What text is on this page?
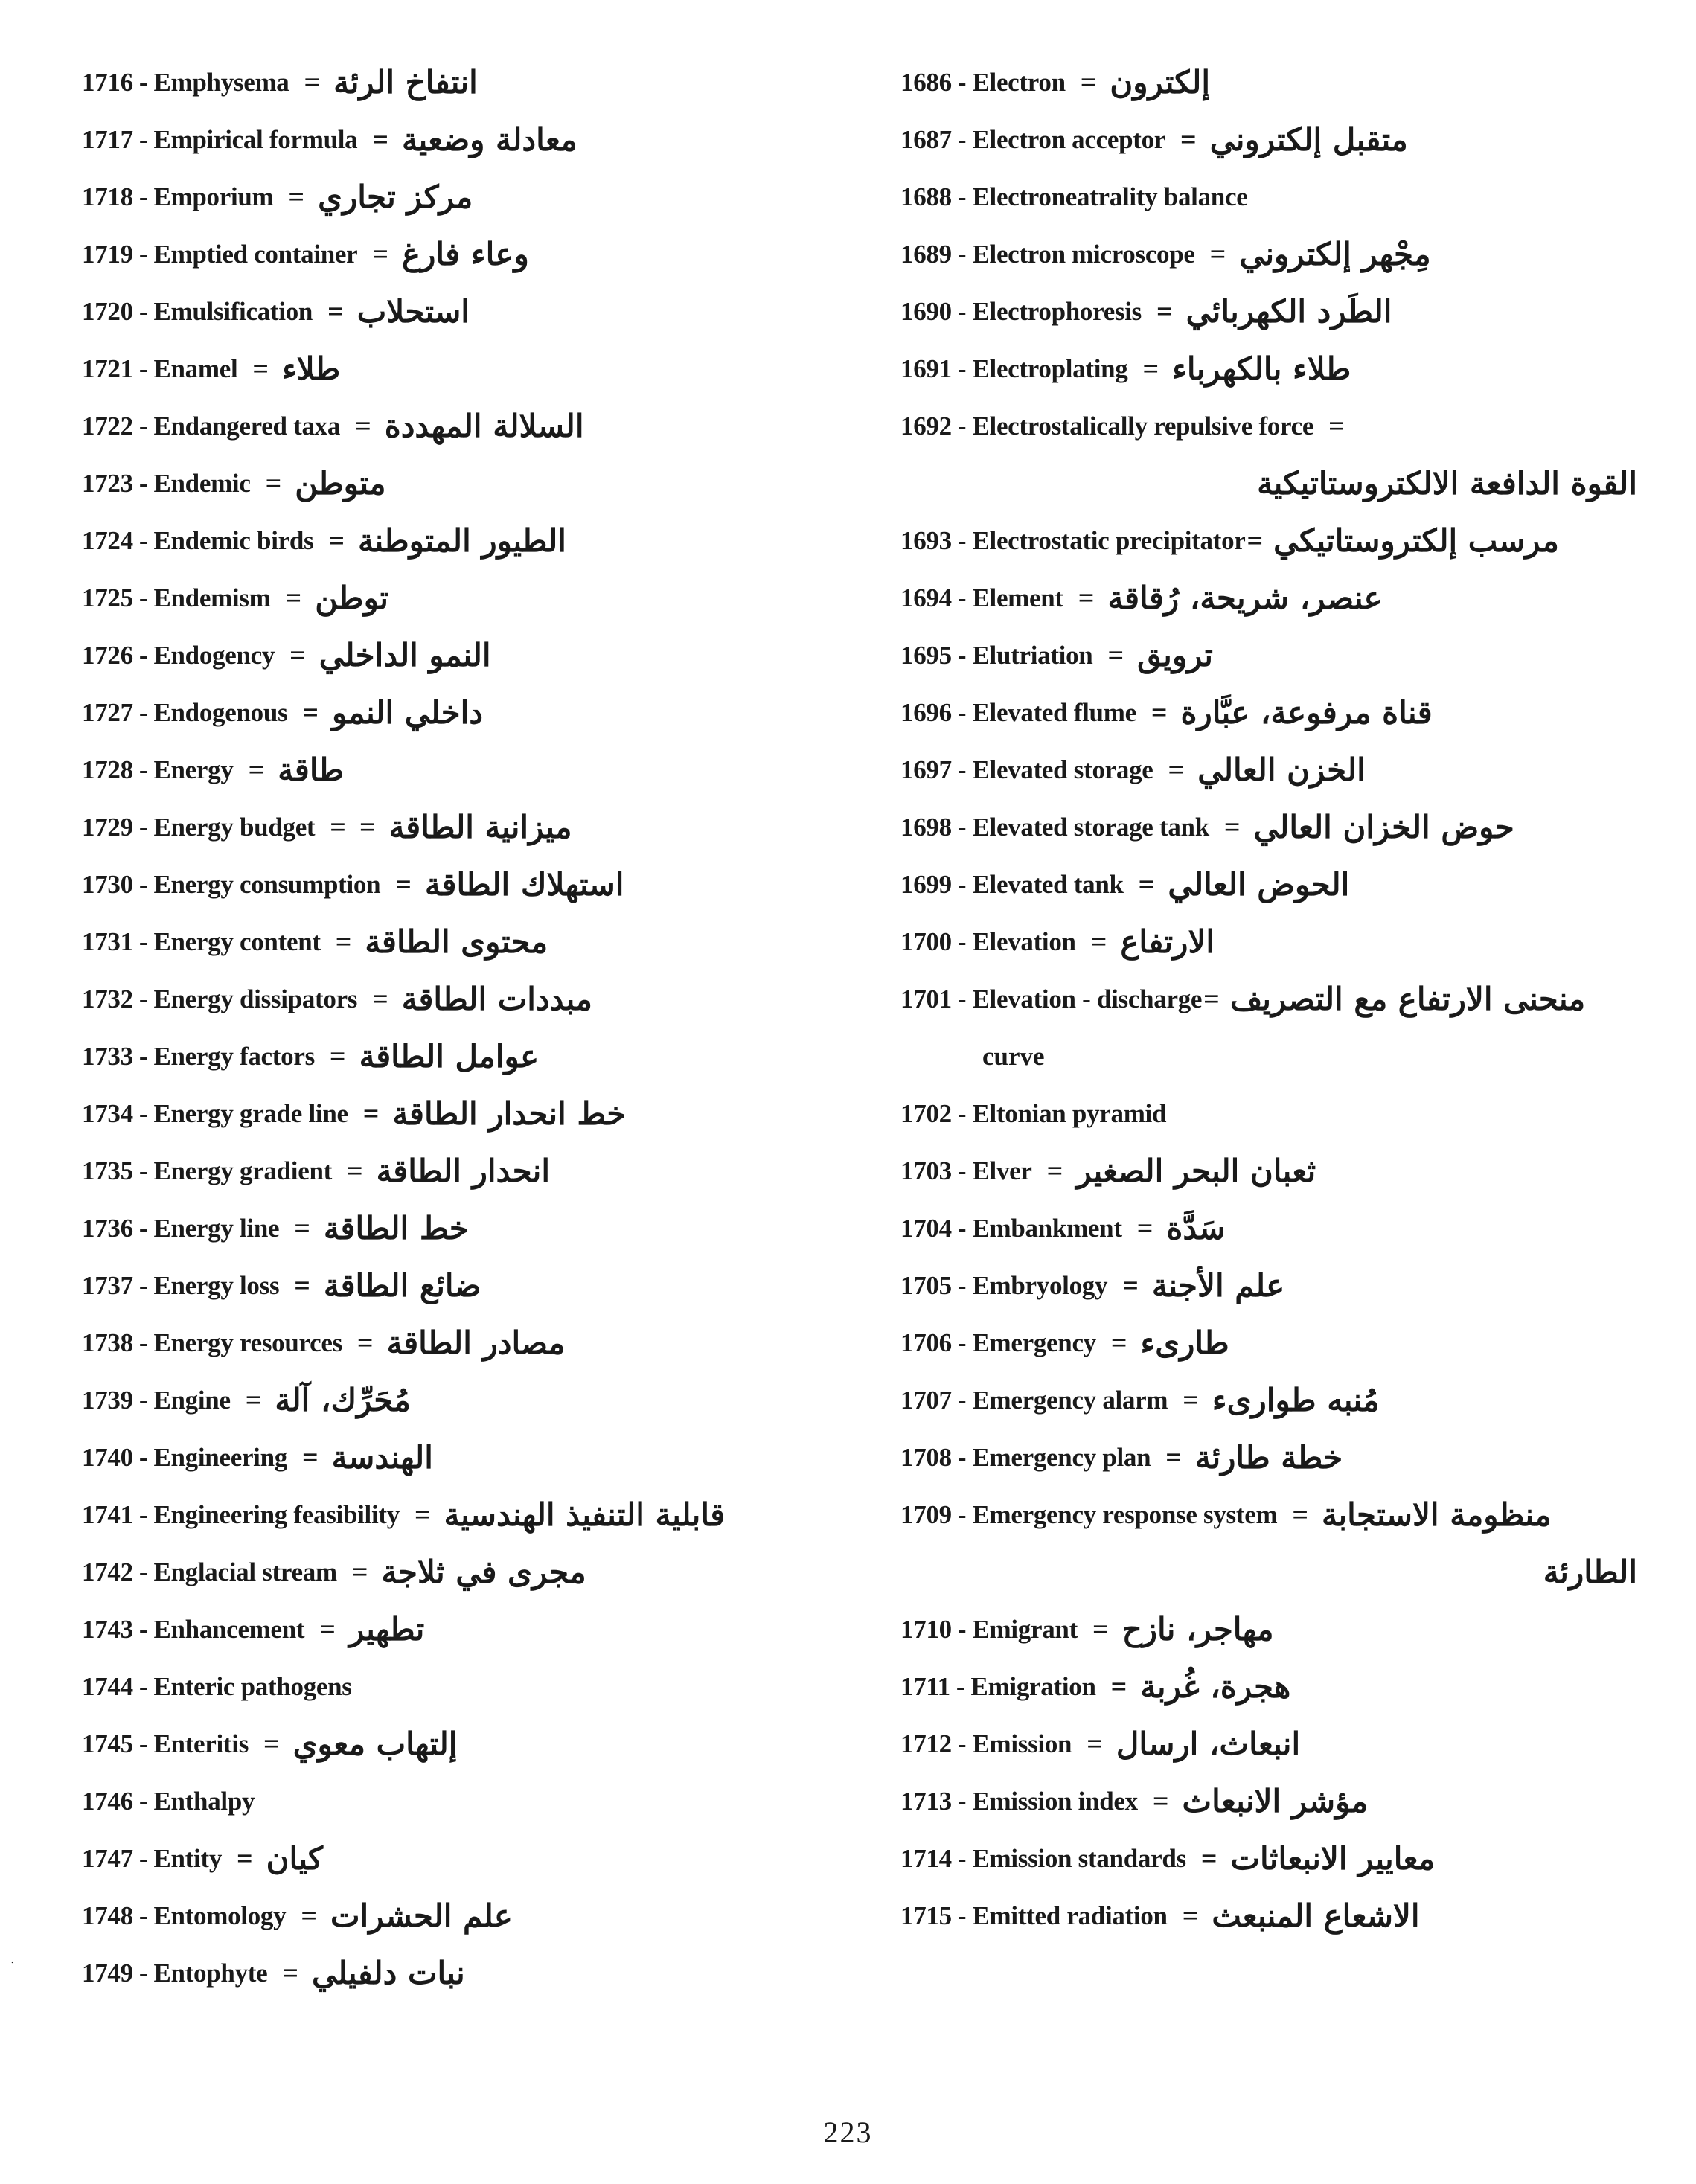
1716 - Emphysema = انتفاخ الرئة
1717 - Empirical formula = معادلة وضعية
1718 - Emporium = مركز تجاري
1719 - Emptied container = وعاء فارغ
1720 - Emulsification = استحلاب
1721 - Enamel = طلاء
1722 - Endangered taxa = السلالة المهددة
1723 - Endemic = متوطن
1724 - Endemic birds = الطيور المتوطنة
1725 - Endemism = توطن
1726 - Endogency = النمو الداخلي
1727 - Endogenous = داخلي النمو
1728 - Energy = طاقة
1729 - Energy budget = = ميزانية الطاقة
1730 - Energy consumption = استهلاك الطاقة
1731 - Energy content = محتوى الطاقة
1732 - Energy dissipators = مبددات الطاقة
1733 - Energy factors = عوامل الطاقة
1734 - Energy grade line = خط انحدار الطاقة
1735 - Energy gradient = انحدار الطاقة
1736 - Energy line = خط الطاقة
1737 - Energy loss = ضائع الطاقة
1738 - Energy resources = مصادر الطاقة
1739 - Engine = مُحَرِّك، آلة
1740 - Engineering = الهندسة
1741 - Engineering feasibility = قابلية التنفيذ الهندسية
1742 - Englacial stream = مجرى في ثلاجة
1743 - Enhancement = تطهير
1744 - Enteric pathogens
1745 - Enteritis = إلتهاب معوي
1746 - Enthalpy
1747 - Entity = كيان
1748 - Entomology = علم الحشرات
1749 - Entophyte = نبات دلفيلي
1686 - Electron = إلكترون
1687 - Electron acceptor = متقبل إلكتروني
1688 - Electroneatrality balance
1689 - Electron microscope = مِجْهر إلكتروني
1690 - Electrophoresis = الطَرد الكهربائي
1691 - Electroplating = طلاء بالكهرباء
1692 - Electrostalically repulsive force =
القوة الدافعة الالكتروستاتيكية
1693 - Electrostatic precipitator = مرسب إلكتروستاتيكي
1694 - Element = عنصر، شريحة، رُقاقة
1695 - Elutriation = ترويق
1696 - Elevated flume = قناة مرفوعة، عبَّارة
1697 - Elevated storage = الخزن العالي
1698 - Elevated storage tank = حوض الخزان العالي
1699 - Elevated tank = الحوض العالي
1700 - Elevation = الارتفاع
1701 - Elevation - discharge = منحنى الارتفاع مع التصريف
curve
1702 - Eltonian pyramid
1703 - Elver = ثعبان البحر الصغير
1704 - Embankment = سَدَّة
1705 - Embryology = علم الأجنة
1706 - Emergency = طارىء
1707 - Emergency alarm = مُنبه طوارىء
1708 - Emergency plan = خطة طارئة
1709 - Emergency response system = منظومة الاستجابة
الطارئة
1710 - Emigrant = مهاجر، نازح
1711 - Emigration = هجرة، غُربة
1712 - Emission = انبعاث، ارسال
1713 - Emission index = مؤشر الانبعاث
1714 - Emission standards = معايير الانبعاثات
1715 - Emitted radiation = الاشعاع المنبعث
223
.
